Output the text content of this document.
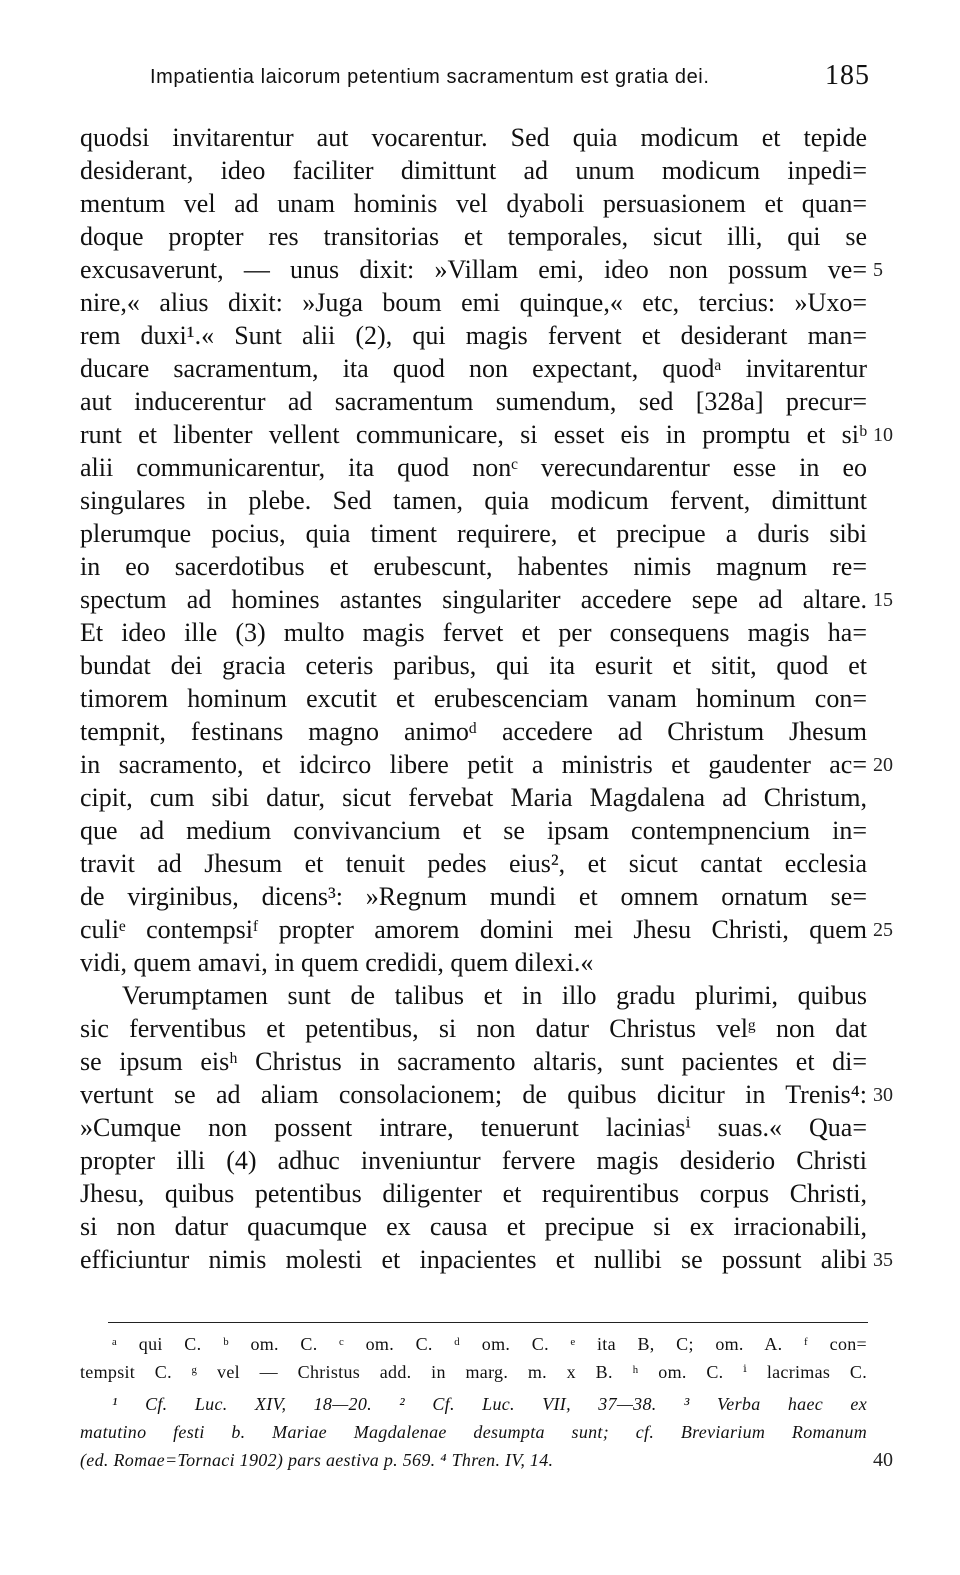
Impatientia laicorum petentium sacramentum est gratia dei.	185
quodsi invitarentur aut vocarentur. Sed quia modicum et tepide
desiderant, ideo faciliter dimittunt ad unum modicum inpedi=
mentum vel ad unam hominis vel dyaboli persuasionem et quan=
doque propter res transitorias et temporales, sicut illi, qui se
excusaverunt, — unus dixit: »Villam emi, ideo non possum ve=
nire,« alius dixit: »Juga boum emi quinque,« etc, tercius: »Uxo=
rem duxi¹.« Sunt alii (2), qui magis fervent et desiderant man=
ducare sacramentum, ita quod non expectant, quodᵃ invitarentur
aut inducerentur ad sacramentum sumendum, sed [328a] precur=
runt et libenter vellent communicare, si esset eis in promptu et siᵇ
alii communicarentur, ita quod nonᶜ verecundarentur esse in eo
singulares in plebe. Sed tamen, quia modicum fervent, dimittunt
plerumque pocius, quia timent requirere, et precipue a duris sibi
in eo sacerdotibus et erubescunt, habentes nimis magnum re=
spectum ad homines astantes singulariter accedere sepe ad altare.
Et ideo ille (3) multo magis fervet et per consequens magis ha=
bundat dei gracia ceteris paribus, qui ita esurit et sitit, quod et
timorem hominum excutit et erubescenciam vanam hominum con=
tempnit, festinans magno animoᵈ accedere ad Christum Jhesum
in sacramento, et idcirco libere petit a ministris et gaudenter ac=
cipit, cum sibi datur, sicut fervebat Maria Magdalena ad Christum,
que ad medium convivancium et se ipsam contempnencium in=
travit ad Jhesum et tenuit pedes eius², et sicut cantat ecclesia
de virginibus, dicens³: »Regnum mundi et omnem ornatum se=
culiᵉ contempsiᶠ propter amorem domini mei Jhesu Christi, quem
vidi, quem amavi, in quem credidi, quem dilexi.«
Verumptamen sunt de talibus et in illo gradu plurimi, quibus
sic ferventibus et petentibus, si non datur Christus velᵍ non dat
se ipsum eisʰ Christus in sacramento altaris, sunt pacientes et di=
vertunt se ad aliam consolacionem; de quibus dicitur in Trenis⁴:
»Cumque non possent intrare, tenuerunt laciniasⁱ suas.« Qua=
propter illi (4) adhuc inveniuntur fervere magis desiderio Christi
Jhesu, quibus petentibus diligenter et requirentibus corpus Christi,
si non datur quacumque ex causa et precipue si ex irracionabili,
efficiuntur nimis molesti et inpacientes et nullibi se possunt alibi
5
10
15
20
25
30
35
40
ᵃ qui C. ᵇ om. C. ᶜ om. C. ᵈ om. C. ᵉ ita B, C; om. A. ᶠ con=
tempsit C. ᵍ vel — Christus add. in marg. m. x B. ʰ om. C. ⁱ lacrimas C.
¹ Cf. Luc. XIV, 18—20. ² Cf. Luc. VII, 37—38. ³ Verba haec ex
matutino festi b. Mariae Magdalenae desumpta sunt; cf. Breviarium Romanum
(ed. Romae=Tornaci 1902) pars aestiva p. 569. ⁴ Thren. IV, 14.
